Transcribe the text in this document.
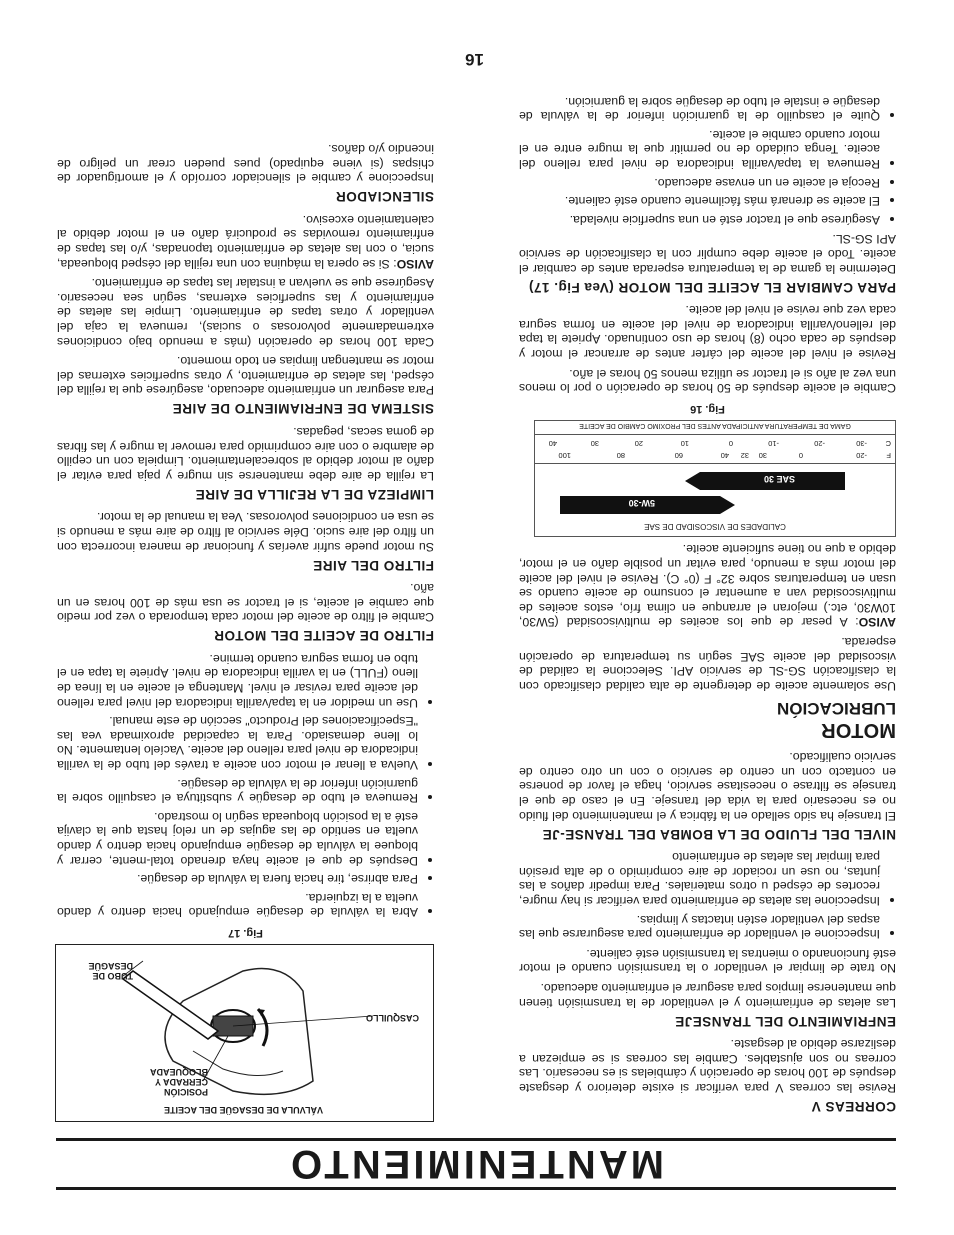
16
MANTENIMIENTO
CORREAS V

Revise las correas V para verificar si existe deterioro y desgaste después de 100 horas de operación y cámbielas si es necesario. Las correas no son ajustables. Cambie las correas si se empiezan a deslizarse debido al desgaste.

ENFRIAMIENTO DEL TRANSEJE

Las aletas de enfriamiento y el ventilador de la transmisión tienen que mantenerse limpios para asegurar el enfriamiento adecuado.

No trate de limpiar el ventilador o la transmisión cuando el motor esté funcionando o mientras la transmisión esté caliente.

• Inspeccione el ventilador de enfriamiento para asegurarse que las aspas del ventilador estén intactas y limpias.
• Inspeccione las aletas de enfriamiento para verificar si hay mugre, recortes de césped u otros materiales. Para impedir daños a las juntas, no use un rociador de aire comprimido o de alta presión para limpiar las aletas de enfriamiento
NIVEL DEL FLUIDO DE LA BOMBA DEL TRANSE-JE

El transeje ha sido sellado en la fábrica y el mantenimiento del fluido no es necesario para la vida del transeje. En el caso de que el transeje se filtrase o necesitase servicio, haga el favor de ponerse en contacto con un centro de servicio o con un otro centro de servicio cualificado.

MOTOR
LUBRICACIÓN

Use solamente aceite de detergente de alta calidad clasificado con la clasificación SG-SL de servicio API. Seleccione la calidad de viscosidad del aceite SAE según su temperatura de operación esperada.

AVISO: A pesar de que los aceites de multiviscosidad (5W30, 10W30, etc.) mejoran el arranque en clima frío, estos aceites de multiviscosidad van a aumentar el consumo de aceite cuando se usan en temperaturas sobre 32° F (0° C). Revise el nivel del aceite del motor más a menudo, para evitar un posible daño en el motor, debido a que no tiene suficiente aceite.

CALIDADES DE VISCOSIDAD DE SAE
5W-30
SAE 30
F
-20
0
30
32
40
60
80
100
C
-30
-20
-10
0
10
20
30
40
GAMA DE TEMPERATURA ANTICIPADA ANTES DEL PROXIMO CAMBIO DE ACEITE
Fig. 16

Cambie el aceite después de 50 horas de operación o por lo menos una vez al año si el tractor se utiliza menos 50 horas el año.

Revise el nivel del aceite del cárter antes de arrancar el motor y después de cada ocho (8) horas de uso continuado. Apriete la tapa del relleno/varilla indicadora de nivel del aceite en forma segura cada vez que revise el nivel del aceite.

PARA CAMBIAR EL ACEITE DEL MOTOR (Vea Fig. 17)

Determine la gama de la temperatura esperada antes de cambiar el aceite. Todo el aceite debe cumplir con la clasificación de servicio API SG-SL.

• Asegúrese que el tractor esté en una superficie nivelada.
• El aceite se drenará más fácilmente cuando esté caliente.
• Recoja el aceite en un envase adecuado.
• Remueva la tapa/varilla indicadora de nivel para relleno del aceite. Tenga cuidado de no permitir que la mugre entre en el motor cuando cambie el aceite.
• Quite el casquillo de la guarnición inferior de la válvula de desagüe e instale el tubo de desagüe sobre la guarnición.
VÁLVULA DE DESAGÜE DEL ACEITE
POSICIÓN CERRADA Y BLOQUEADA
CASQUILLO
TUBO DE DESAGÜE
Fig. 17
• Abra la válvula de desagüe empujando hacia dentro y dando vuelta a la izquierda.
• Para abrirse, tire hacia fuera la válvula de desagüe.
• Después de que el aceite haya drenado total-mente, cerrar y bloquee la válvula de desagüe empujando hacia dentro y dando vuelta en sentido de las agujas de un reloj hasta que la clavija esté a la posición bloqueada según lo mostrado.
• Remueva el tubo de desagüe y substituya el casquillo sobre la guarnición inferior de la válvula de desagüe.
• Vuelva a llenar el motor con aceite a través del tubo de la varilla indicadora de nivel para relleno del aceite. Vacíelo lentamente. No lo llene demasiado. Para la capacidad aproximada vea las "Especificaciones del Producto" sección de este manual.
• Use un medidor en la tapa/varilla indicadora del nivel para relleno del aceite para revisar el nivel. Mantenga el aceite en la línea de lleno (FULL) en la varilla indicadora de nivel. Apriete la tapa en el tubo en forma segura cuando termine.
FILTRO DE ACEITE DEL MOTOR

Cambie el filtro de aceite del motor cada temporada o vez por medio que cambie el aceite, si el tractor se usa más de 100 horas en un año.

FILTRO DEL AIRE

Su motor puede sufrir averías y funcionar de manera incorrecta con un filtro del aire sucio. Déle servicio al filtro de aire más a menudo si se usa en condiciones polvorosas. Vea la manual de la motor.

LIMPIEZA DE LA REJILLA DE AIRE

La rejilla de aire debe mantenerse sin mugre y paja para evitar el daño al motor debido al sobrecalentamiento. Limpiela con un cepillo de alambre o con aire comprimido para remover la mugre y las fibras de goma secas, pegadas.

SISTEMA DE ENFRIAMIENTO DE AIRE

Para asegurar un enfriamiento adecuado, asegúrese que la rejilla del césped, las aletas de enfriamiento, y otras superficies externas del motor se mantengan limpias en todo momento.

Cada 100 horas de operación (más a menudo bajo condiciones extremadamente polvorosas o sucias), remueva la caja del ventilador y otras tapas de enfriamiento. Limpie las aletas de enfriamiento y las superficies externas, según sea necesario. Asegúrese que se vuelvan a instalar las tapas de enfriamiento.

AVISO: Si se opera la máquina con una rejilla del césped bloqueada, sucia, o con las aletas de enfriamiento taponadas, y/o las tapas de enfriamiento removidas se producirá daño en el motor debido al calentamiento excesivo.

SILENCIADOR

Inspeccione y cambie el silenciador corroído y el amortiguador de chispas (si viene equipado) pues pueden crear un peligro de incendio y/o daños.
